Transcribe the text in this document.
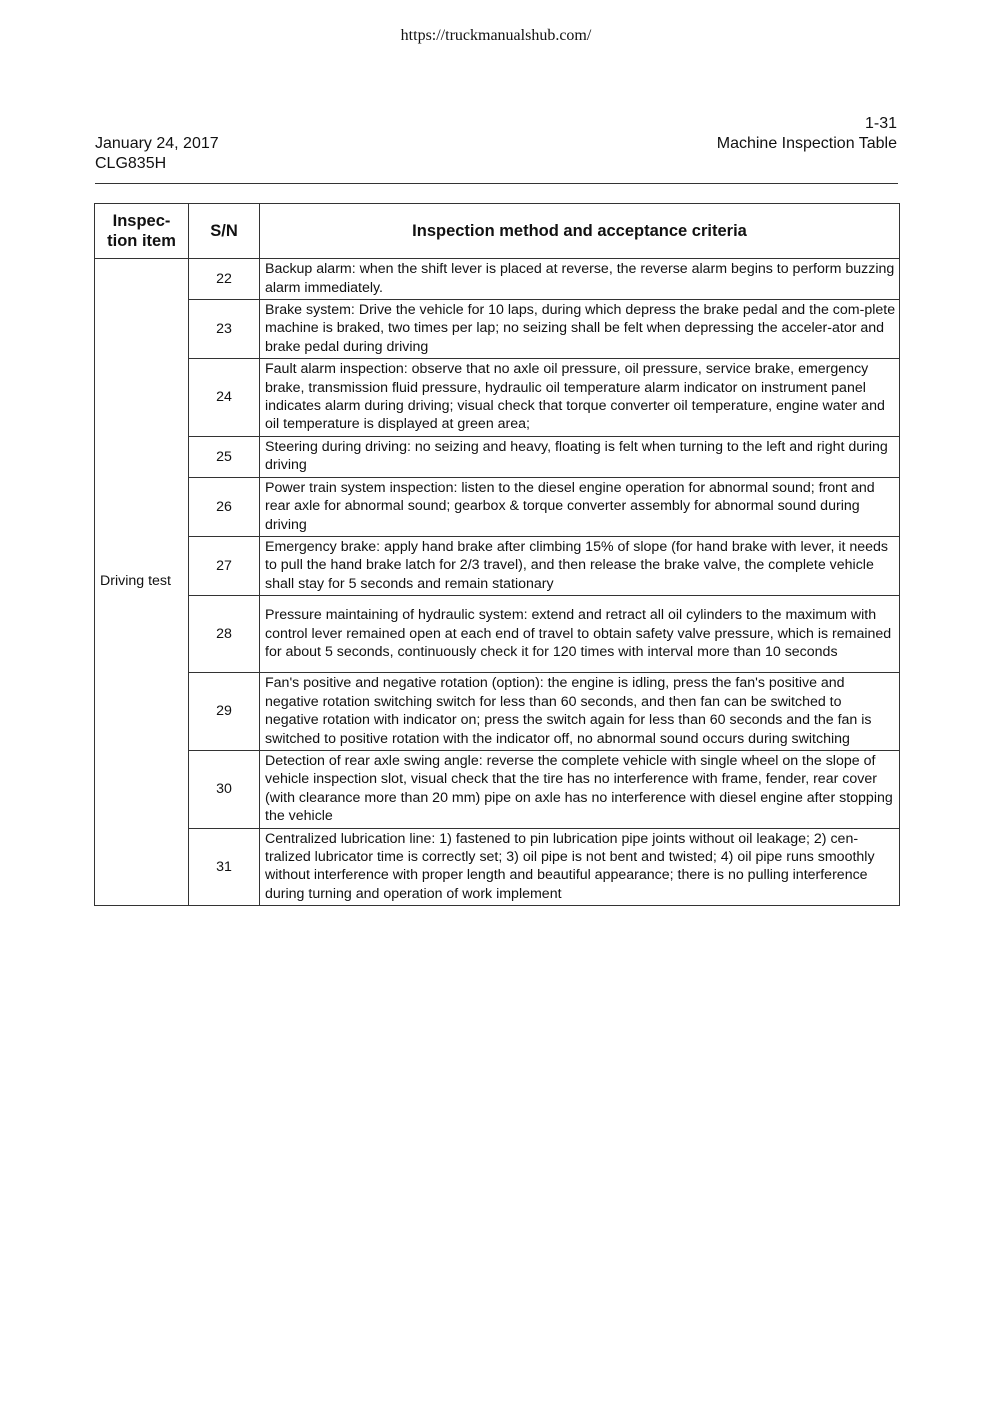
https://truckmanualshub.com/
January 24, 2017
CLG835H
1-31
Machine Inspection Table
Inspec-
tion item	S/N	Inspection method and acceptance criteria
Driving test	22	Backup alarm: when the shift lever is placed at reverse, the reverse alarm begins to perform buzzing alarm immediately.
	23	Brake system: Drive the vehicle for 10 laps, during which depress the brake pedal and the com-plete machine is braked, two times per lap; no seizing shall be felt when depressing the acceler-ator and brake pedal during driving
	24	Fault alarm inspection: observe that no axle oil pressure, oil pressure, service brake, emergency brake, transmission fluid pressure, hydraulic oil temperature alarm indicator on instrument panel indicates alarm during driving; visual check that torque converter oil temperature, engine water and oil temperature is displayed at green area;
	25	Steering during driving: no seizing and heavy, floating is felt when turning to the left and right during driving
	26	Power train system inspection: listen to the diesel engine operation for abnormal sound; front and rear axle for abnormal sound; gearbox & torque converter assembly for abnormal sound during driving
	27	Emergency brake: apply hand brake after climbing 15% of slope (for hand brake with lever, it needs to pull the hand brake latch for 2/3 travel), and then release the brake valve, the complete vehicle shall stay for 5 seconds and remain stationary
	28	Pressure maintaining of hydraulic system: extend and retract all oil cylinders to the maximum with control lever remained open at each end of travel to obtain safety valve pressure, which is remained for about 5 seconds, continuously check it for 120 times with interval more than 10 seconds
	29	Fan's positive and negative rotation (option): the engine is idling, press the fan's positive and negative rotation switching switch for less than 60 seconds, and then fan can be switched to negative rotation with indicator on; press the switch again for less than 60 seconds and the fan is switched to positive rotation with the indicator off, no abnormal sound occurs during switching
	30	Detection of rear axle swing angle: reverse the complete vehicle with single wheel on the slope of vehicle inspection slot, visual check that the tire has no interference with frame, fender, rear cover (with clearance more than 20 mm) pipe on axle has no interference with diesel engine after stopping the vehicle
	31	Centralized lubrication line: 1) fastened to pin lubrication pipe joints without oil leakage; 2) cen-tralized lubricator time is correctly set; 3) oil pipe is not bent and twisted; 4) oil pipe runs smoothly without interference with proper length and beautiful appearance; there is no pulling interference during turning and operation of work implement
